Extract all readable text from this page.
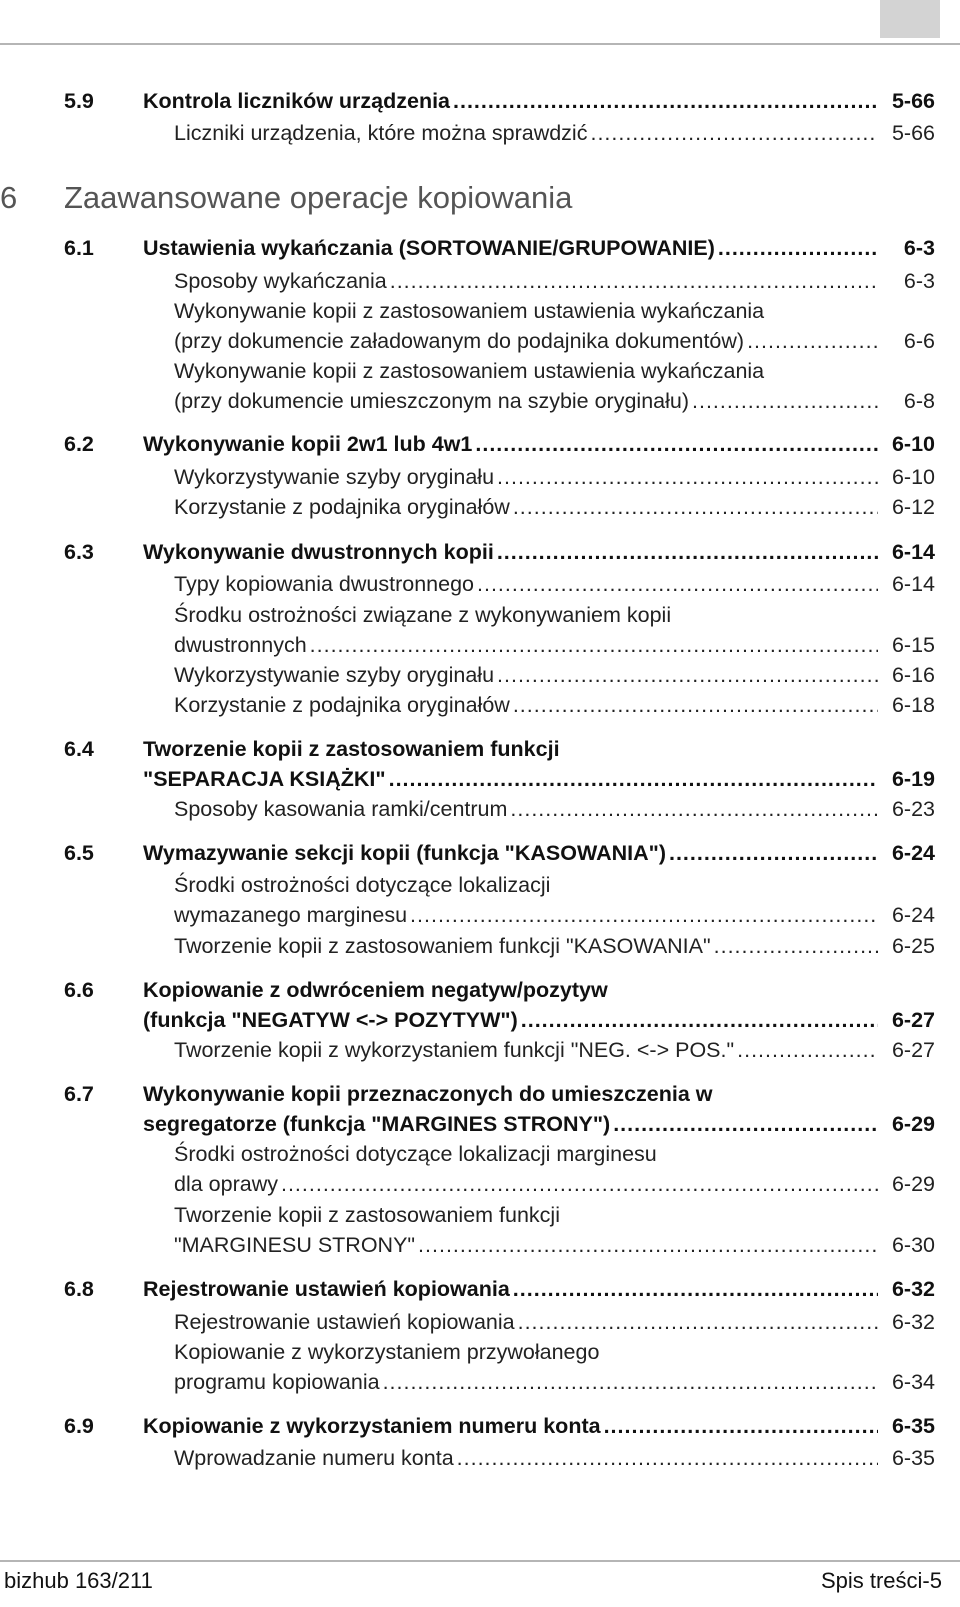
6 Zaawansowane operacje kopiowania
5.9 Kontrola liczników urządzenia .....	5-66
Liczniki urządzenia, które można sprawdzić .....	5-66
6.1 Ustawienia wykańczania (SORTOWANIE/GRUPOWANIE) .....	6-3
Sposoby wykańczania .....	6-3
Wykonywanie kopii z zastosowaniem ustawienia wykańczania
(przy dokumencie załadowanym do podajnika dokumentów) .....	6-6
Wykonywanie kopii z zastosowaniem ustawienia wykańczania
(przy dokumencie umieszczonym na szybie oryginału) .....	6-8
6.2 Wykonywanie kopii 2w1 lub 4w1 .....	6-10
Wykorzystywanie szyby oryginału .....	6-10
Korzystanie z podajnika oryginałów .....	6-12
6.3 Wykonywanie dwustronnych kopii .....	6-14
Typy kopiowania dwustronnego .....	6-14
Środku ostrożności związane z wykonywaniem kopii
dwustronnych .....	6-15
Wykorzystywanie szyby oryginału .....	6-16
Korzystanie z podajnika oryginałów .....	6-18
6.4 Tworzenie kopii z zastosowaniem funkcji
"SEPARACJA KSIĄŻKI" .....	6-19
Sposoby kasowania ramki/centrum .....	6-23
6.5 Wymazywanie sekcji kopii (funkcja "KASOWANIA") .....	6-24
Środki ostrożności dotyczące lokalizacji
wymazanego marginesu .....	6-24
Tworzenie kopii z zastosowaniem funkcji "KASOWANIA" .....	6-25
6.6 Kopiowanie z odwróceniem negatyw/pozytyw
(funkcja "NEGATYW <-> POZYTYW") .....	6-27
Tworzenie kopii z wykorzystaniem funkcji "NEG. <-> POS." .....	6-27
6.7 Wykonywanie kopii przeznaczonych do umieszczenia w
segregatorze (funkcja "MARGINES STRONY") .....	6-29
Środki ostrożności dotyczące lokalizacji marginesu
dla oprawy .....	6-29
Tworzenie kopii z zastosowaniem funkcji
"MARGINESU STRONY" .....	6-30
6.8 Rejestrowanie ustawień kopiowania .....	6-32
Rejestrowanie ustawień kopiowania .....	6-32
Kopiowanie z wykorzystaniem przywołanego
programu kopiowania .....	6-34
6.9 Kopiowanie z wykorzystaniem numeru konta .....	6-35
Wprowadzanie numeru konta .....	6-35
bizhub 163/211	Spis treści-5
